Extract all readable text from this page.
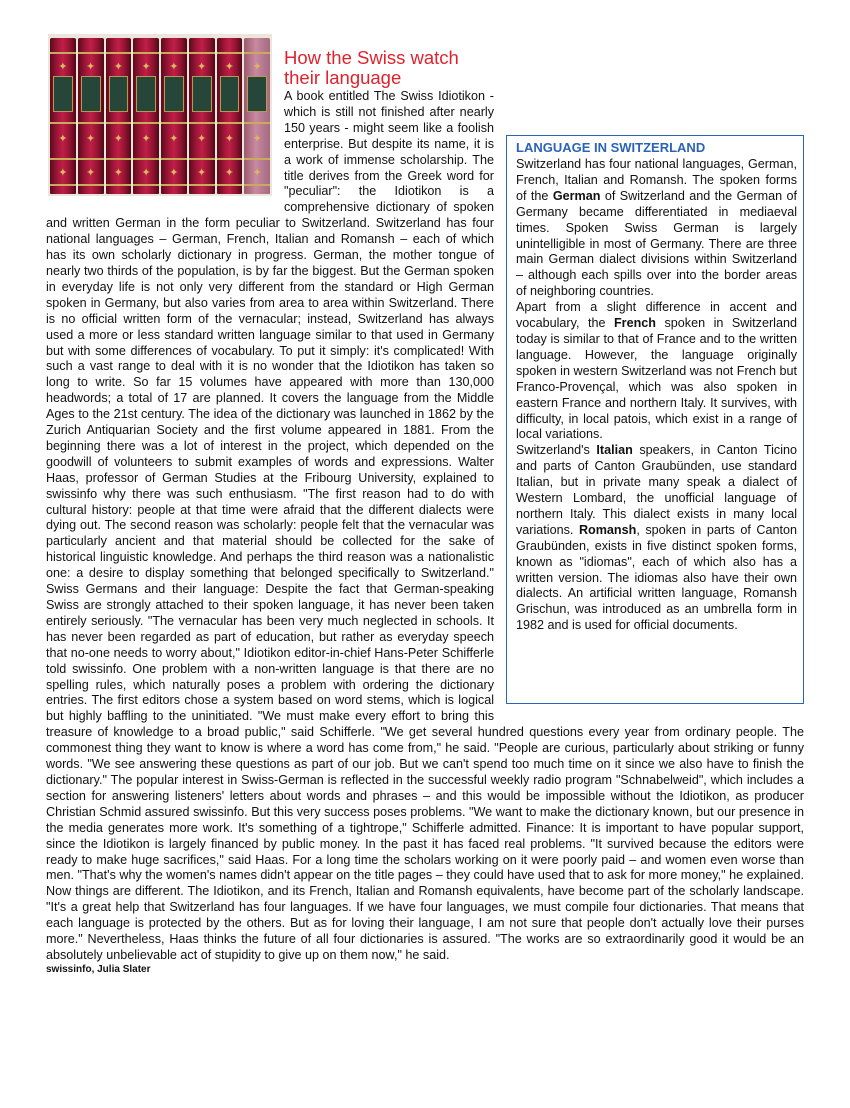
✦
✦
✦
✦
✦
✦
✦
✦
✦
✦
✦
✦
✦
✦
✦
✦
✦
✦
✦
✦
✦
✦
✦
✦
LANGUAGE IN SWITZERLAND

Switzerland has four national languages, German, French, Italian and Romansh. The spoken forms of the German of Switzerland and the German of Germany became differentiated in mediaeval times. Spoken Swiss German is largely unintelligible in most of Germany. There are three main German dialect divisions within Switzerland – although each spills over into the border areas of neighboring countries.

Apart from a slight difference in accent and vocabulary, the French spoken in Switzerland today is similar to that of France and to the written language. However, the language originally spoken in western Switzerland was not French but Franco-Provençal, which was also spoken in eastern France and northern Italy. It survives, with difficulty, in local patois, which exist in a range of local variations.

Switzerland's Italian speakers, in Canton Ticino and parts of Canton Graubünden, use standard Italian, but in private many speak a dialect of Western Lombard, the unofficial language of northern Italy. This dialect exists in many local variations. Romansh, spoken in parts of Canton Graubünden, exists in five distinct spoken forms, known as "idiomas", each of which also has a written version. The idiomas also have their own dialects. An artificial written language, Romansh Grischun, was introduced as an umbrella form in 1982 and is used for official documents.

How the Swiss watch their language

A book entitled The Swiss Idiotikon - which is still not finished after nearly 150 years - might seem like a foolish enterprise. But despite its name, it is a work of immense scholarship. The title derives from the Greek word for "peculiar": the Idiotikon is a comprehensive dictionary of spoken and written German in the form peculiar to Switzerland. Switzerland has four national languages – German, French, Italian and Romansh – each of which has its own scholarly dictionary in progress. German, the mother tongue of nearly two thirds of the population, is by far the biggest. But the German spoken in everyday life is not only very different from the standard or High German spoken in Germany, but also varies from area to area within Switzerland. There is no official written form of the vernacular; instead, Switzerland has always used a more or less standard written language similar to that used in Germany but with some differences of vocabulary. To put it simply: it's complicated! With such a vast range to deal with it is no wonder that the Idiotikon has taken so long to write. So far 15 volumes have appeared with more than 130,000 headwords; a total of 17 are planned. It covers the language from the Middle Ages to the 21st century. The idea of the dictionary was launched in 1862 by the Zurich Antiquarian Society and the first volume appeared in 1881. From the beginning there was a lot of interest in the project, which depended on the goodwill of volunteers to submit examples of words and expressions. Walter Haas, professor of German Studies at the Fribourg University, explained to swissinfo why there was such enthusiasm. "The first reason had to do with cultural history: people at that time were afraid that the different dialects were dying out. The second reason was scholarly: people felt that the vernacular was particularly ancient and that material should be collected for the sake of historical linguistic knowledge. And perhaps the third reason was a nationalistic one: a desire to display something that belonged specifically to Switzerland." Swiss Germans and their language: Despite the fact that German-speaking Swiss are strongly attached to their spoken language, it has never been taken entirely seriously. "The vernacular has been very much neglected in schools. It has never been regarded as part of education, but rather as everyday speech that no-one needs to worry about," Idiotikon editor-in-chief Hans-Peter Schifferle told swissinfo. One problem with a non-written language is that there are no spelling rules, which naturally poses a problem with ordering the dictionary entries. The first editors chose a system based on word stems, which is logical but highly baffling to the uninitiated. "We must make every effort to bring this treasure of knowledge to a broad public," said Schifferle. "We get several hundred questions every year from ordinary people. The commonest thing they want to know is where a word has come from," he said. "People are curious, particularly about striking or funny words. "We see answering these questions as part of our job. But we can't spend too much time on it since we also have to finish the dictionary." The popular interest in Swiss-German is reflected in the successful weekly radio program "Schnabelweid", which includes a section for answering listeners' letters about words and phrases – and this would be impossible without the Idiotikon, as producer Christian Schmid assured swissinfo. But this very success poses problems. "We want to make the dictionary known, but our presence in the media generates more work. It's something of a tightrope," Schifferle admitted. Finance: It is important to have popular support, since the Idiotikon is largely financed by public money. In the past it has faced real problems. "It survived because the editors were ready to make huge sacrifices," said Haas. For a long time the scholars working on it were poorly paid – and women even worse than men. "That's why the women's names didn't appear on the title pages – they could have used that to ask for more money," he explained. Now things are different. The Idiotikon, and its French, Italian and Romansh equivalents, have become part of the scholarly landscape. "It's a great help that Switzerland has four languages. If we have four languages, we must compile four dictionaries. That means that each language is protected by the others. But as for loving their language, I am not sure that people don't actually love their purses more." Nevertheless, Haas thinks the future of all four dictionaries is assured. "The works are so extraordinarily good it would be an absolutely unbelievable act of stupidity to give up on them now," he said.

swissinfo, Julia Slater
